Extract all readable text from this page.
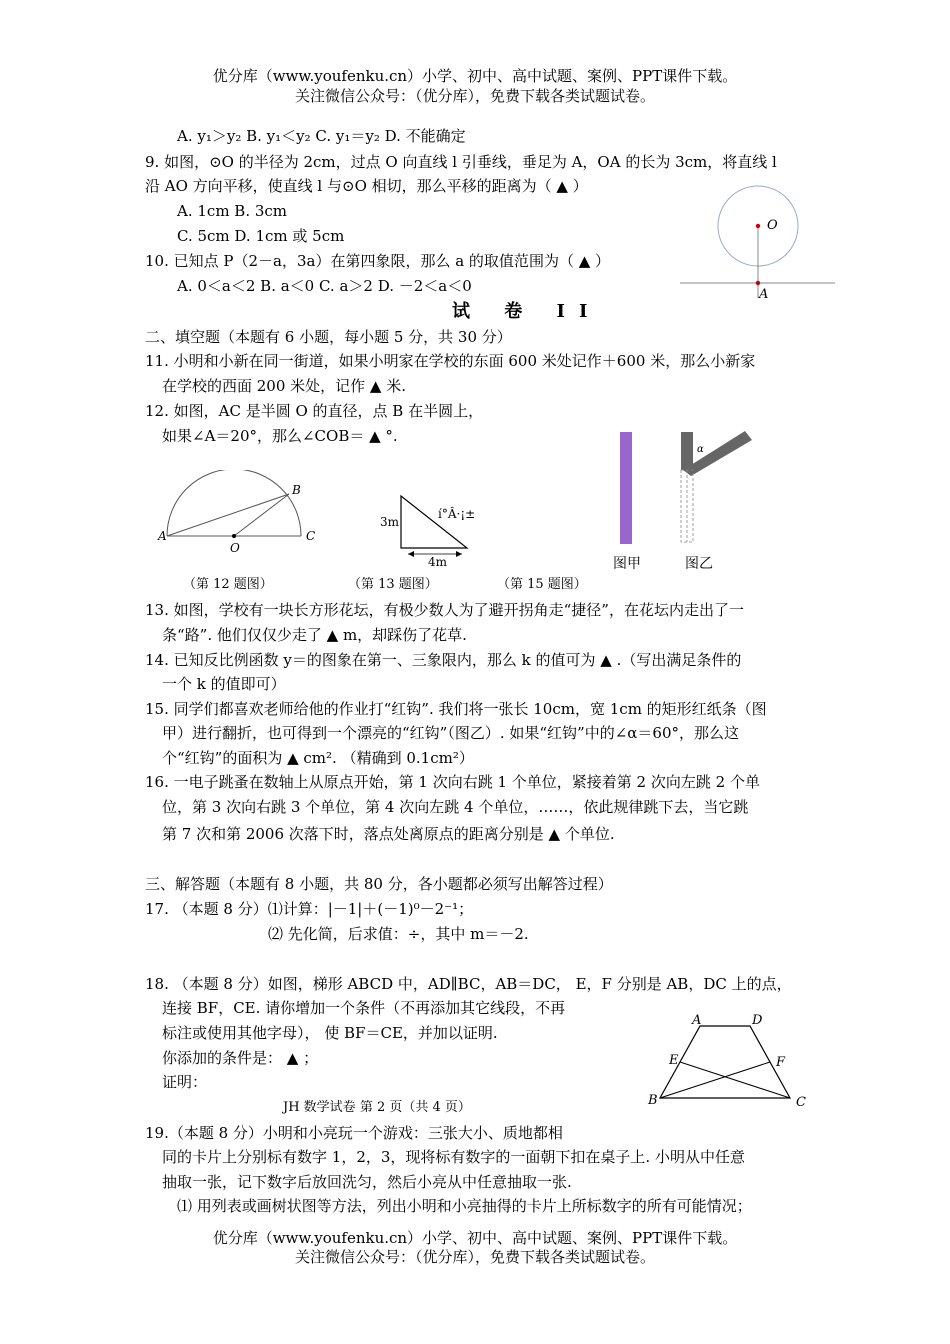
优分库（www.youfenku.cn）小学、初中、高中试题、案例、PPT课件下载。
关注微信公众号：（优分库），免费下载各类试题试卷。
A. y₁＞y₂ B. y₁＜y₂ C. y₁＝y₂ D. 不能确定
9. 如图，⊙O 的半径为 2cm，过点 O 向直线 l 引垂线，垂足为 A，OA 的长为 3cm，将直线 l
沿 AO 方向平移，使直线 l 与⊙O 相切，那么平移的距离为（ ▲ ）
A. 1cm B. 3cm
C. 5cm D. 1cm 或 5cm
O
A
10. 已知点 P（2－a，3a）在第四象限，那么 a 的取值范围为（ ▲ ）
A. 0＜a＜2 B. a＜0 C. a＞2 D. －2＜a＜0
试 卷 II
二、填空题（本题有 6 小题，每小题 5 分，共 30 分）
11. 小明和小新在同一街道，如果小明家在学校的东面 600 米处记作＋600 米，那么小新家
在学校的西面 200 米处，记作 ▲ 米.
12. 如图，AC 是半圆 O 的直径，点 B 在半圆上，
如果∠A＝20°，那么∠COB＝ ▲ °.
A
B
C
O
3m
4m
í°Â·¡±
α
图甲	图乙
（第 12 题图）	（第 13 题图）	（第 15 题图）
13. 如图，学校有一块长方形花坛，有极少数人为了避开拐角走“捷径”，在花坛内走出了一
条“路”. 他们仅仅少走了 ▲ m，却踩伤了花草.
14. 已知反比例函数 y＝的图象在第一、三象限内，那么 k 的值可为 ▲ .（写出满足条件的
一个 k 的值即可）
15. 同学们都喜欢老师给他的作业打“红钩”. 我们将一张长 10cm，宽 1cm 的矩形红纸条（图
甲）进行翻折，也可得到一个漂亮的“红钩”（图乙）. 如果“红钩”中的∠α＝60°，那么这
个“红钩”的面积为 ▲ cm². （精确到 0.1cm²）
16. 一电子跳蚤在数轴上从原点开始，第 1 次向右跳 1 个单位，紧接着第 2 次向左跳 2 个单
位，第 3 次向右跳 3 个单位，第 4 次向左跳 4 个单位，……，依此规律跳下去，当它跳
第 7 次和第 2006 次落下时，落点处离原点的距离分别是 ▲ 个单位.
三、解答题（本题有 8 小题，共 80 分，各小题都必须写出解答过程）
17. （本题 8 分）⑴计算：|－1|＋(－1)⁰－2⁻¹；
⑵ 先化简，后求值：÷，其中 m＝－2.
18. （本题 8 分）如图，梯形 ABCD 中，AD∥BC，AB＝DC， E，F 分别是 AB，DC 上的点，
连接 BF，CE. 请你增加一个条件（不再添加其它线段，不再
标注或使用其他字母）， 使 BF＝CE，并加以证明.
你添加的条件是： ▲ ；
证明：
A	D
E	F
B	C
JH 数学试卷 第 2 页（共 4 页）
19.（本题 8 分）小明和小亮玩一个游戏：三张大小、质地都相
同的卡片上分别标有数字 1，2，3，现将标有数字的一面朝下扣在桌子上. 小明从中任意
抽取一张，记下数字后放回洗匀，然后小亮从中任意抽取一张.
⑴ 用列表或画树状图等方法，列出小明和小亮抽得的卡片上所标数字的所有可能情况；
优分库（www.youfenku.cn）小学、初中、高中试题、案例、PPT课件下载。
关注微信公众号：（优分库），免费下载各类试题试卷。
